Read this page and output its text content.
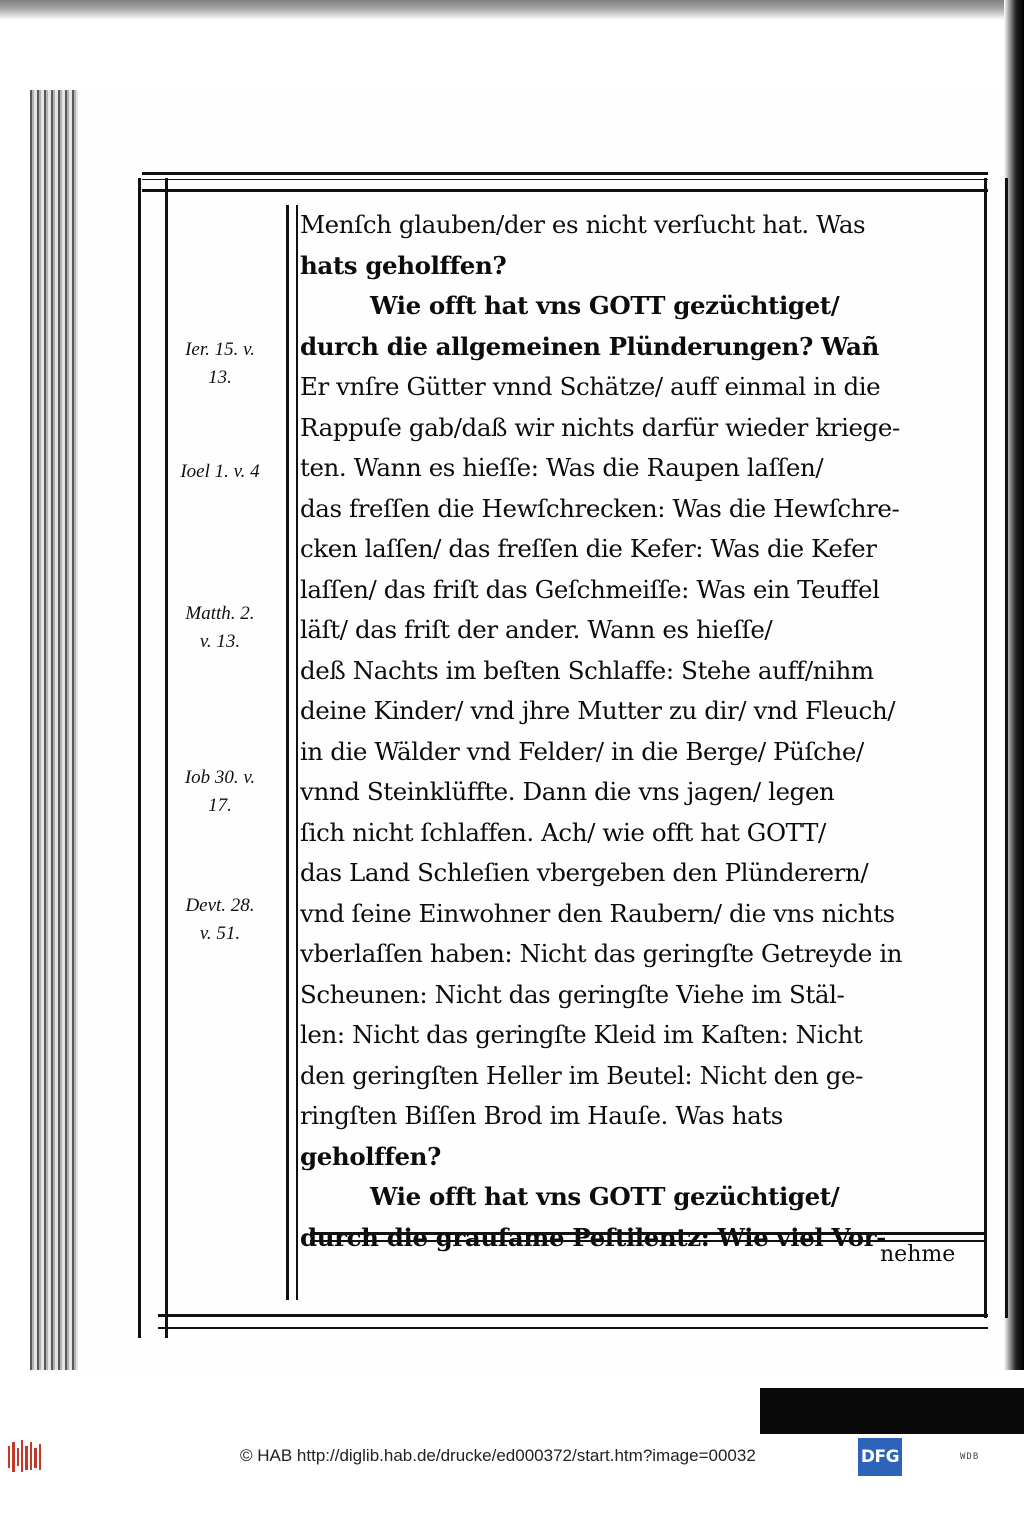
Ier. 15. v.
13.
Ioel 1. v. 4
Matth. 2.
v. 13.
Iob 30. v.
17.
Devt. 28.
v. 51.
Menſch glauben/der es nicht verſucht hat. Was
hats geholffen?
Wie offt hat vns GOTT gezüchtiget/
durch die allgemeinen Plünderungen? Wañ
Er vnſre Gütter vnnd Schätze/ auff einmal in die
Rappuſe gab/daß wir nichts darfür wieder kriege-
ten. Wann es hieſſe: Was die Raupen laſſen/
das freſſen die Hewſchrecken: Was die Hewſchre-
cken laſſen/ das freſſen die Kefer: Was die Kefer
laſſen/ das friſt das Geſchmeiſſe: Was ein Teuffel
läſt/ das friſt der ander. Wann es hieſſe/
deß Nachts im beſten Schlaffe: Stehe auff/nihm
deine Kinder/ vnd jhre Mutter zu dir/ vnd Fleuch/
in die Wälder vnd Felder/ in die Berge/ Püſche/
vnnd Steinklüffte. Dann die vns jagen/ legen
ſich nicht ſchlaffen. Ach/ wie offt hat GOTT/
das Land Schleſien vbergeben den Plünderern/
vnd ſeine Einwohner den Raubern/ die vns nichts
vberlaſſen haben: Nicht das geringſte Getreyde in
Scheunen: Nicht das geringſte Viehe im Stäl-
len: Nicht das geringſte Kleid im Kaſten: Nicht
den geringſten Heller im Beutel: Nicht den ge-
ringſten Biſſen Brod im Hauſe. Was hats
geholffen?
Wie offt hat vns GOTT gezüchtiget/
durch die grauſame Peſtilentz: Wie viel Vor-
nehme
© HAB http://diglib.hab.de/drucke/ed000372/start.htm?image=00032	DFG	WDB
